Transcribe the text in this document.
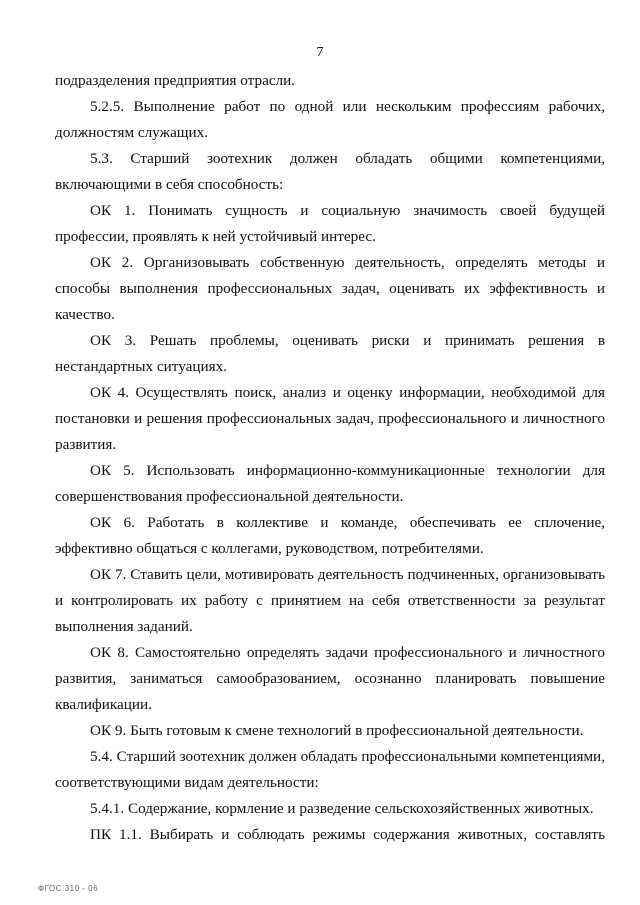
7

подразделения предприятия отрасли.

5.2.5. Выполнение работ по одной или нескольким профессиям рабочих, должностям служащих.

5.3. Старший зоотехник должен обладать общими компетенциями, включающими в себя способность:

ОК 1. Понимать сущность и социальную значимость своей будущей профессии, проявлять к ней устойчивый интерес.

ОК 2. Организовывать собственную деятельность, определять методы и способы выполнения профессиональных задач, оценивать их эффективность и качество.

ОК 3. Решать проблемы, оценивать риски и принимать решения в нестандартных ситуациях.

ОК 4. Осуществлять поиск, анализ и оценку информации, необходимой для постановки и решения профессиональных задач, профессионального и личностного развития.

ОК 5. Использовать информационно-коммуникационные технологии для совершенствования профессиональной деятельности.

ОК 6. Работать в коллективе и команде, обеспечивать ее сплочение, эффективно общаться с коллегами, руководством, потребителями.

ОК 7. Ставить цели, мотивировать деятельность подчиненных, организовывать и контролировать их работу с принятием на себя ответственности за результат выполнения заданий.

ОК 8. Самостоятельно определять задачи профессионального и личностного развития, заниматься самообразованием, осознанно планировать повышение квалификации.

ОК 9. Быть готовым к смене технологий в профессиональной деятельности.

5.4. Старший зоотехник должен обладать профессиональными компетенциями, соответствующими видам деятельности:

5.4.1. Содержание, кормление и разведение сельскохозяйственных животных.

ПК 1.1. Выбирать и соблюдать режимы содержания животных, составлять

ФГОС 310 - 06
